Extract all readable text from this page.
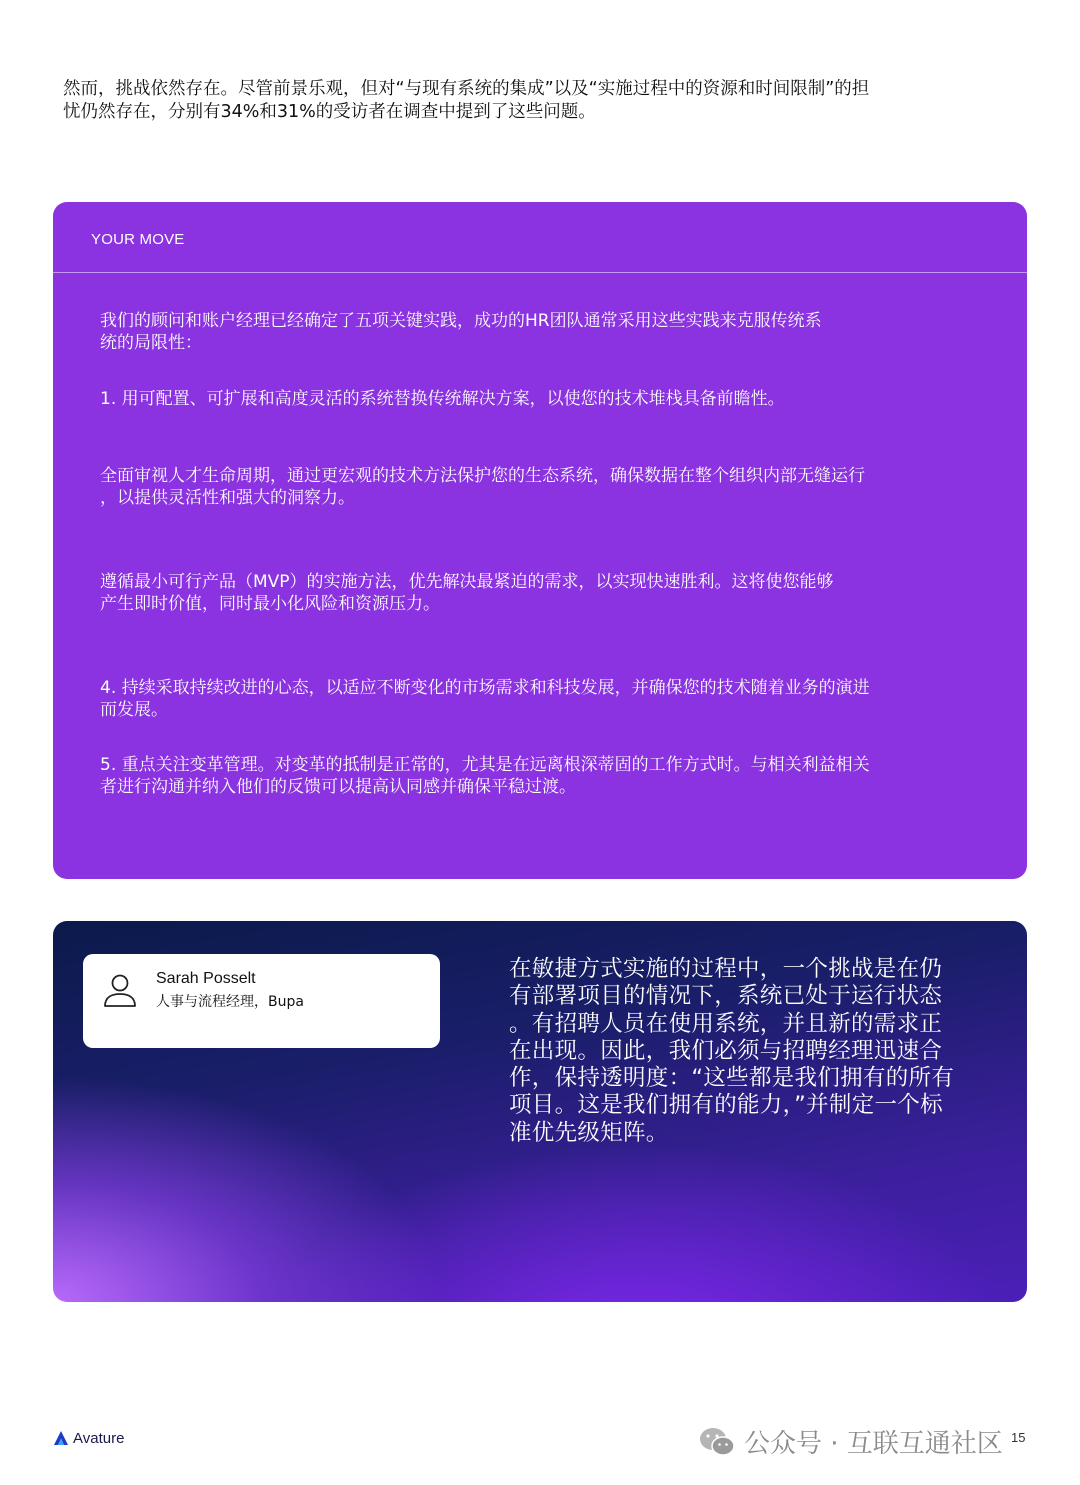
然而，挑战依然存在。尽管前景乐观，但对“与现有系统的集成”以及“实施过程中的资源和时间限制”的担
忧仍然存在，分别有34%和31%的受访者在调查中提到了这些问题。
YOUR MOVE
我们的顾问和账户经理已经确定了五项关键实践，成功的HR团队通常采用这些实践来克服传统系
统的局限性：
1. 用可配置、可扩展和高度灵活的系统替换传统解决方案，以使您的技术堆栈具备前瞻性。
全面审视人才生命周期，通过更宏观的技术方法保护您的生态系统，确保数据在整个组织内部无缝运行
，以提供灵活性和强大的洞察力。
遵循最小可行产品（MVP）的实施方法，优先解决最紧迫的需求，以实现快速胜利。这将使您能够
产生即时价值，同时最小化风险和资源压力。
4. 持续采取持续改进的心态，以适应不断变化的市场需求和科技发展，并确保您的技术随着业务的演进
而发展。
5. 重点关注变革管理。对变革的抵制是正常的，尤其是在远离根深蒂固的工作方式时。与相关利益相关
者进行沟通并纳入他们的反馈可以提高认同感并确保平稳过渡。
Sarah Posselt
人事与流程经理，Bupa
在敏捷方式实施的过程中，一个挑战是在仍
有部署项目的情况下，系统已处于运行状态
。有招聘人员在使用系统，并且新的需求正
在出现。因此，我们必须与招聘经理迅速合
作，保持透明度：“这些都是我们拥有的所有
项目。这是我们拥有的能力，”并制定一个标
准优先级矩阵。
Avature	公众号 · 互联互通社区 15
